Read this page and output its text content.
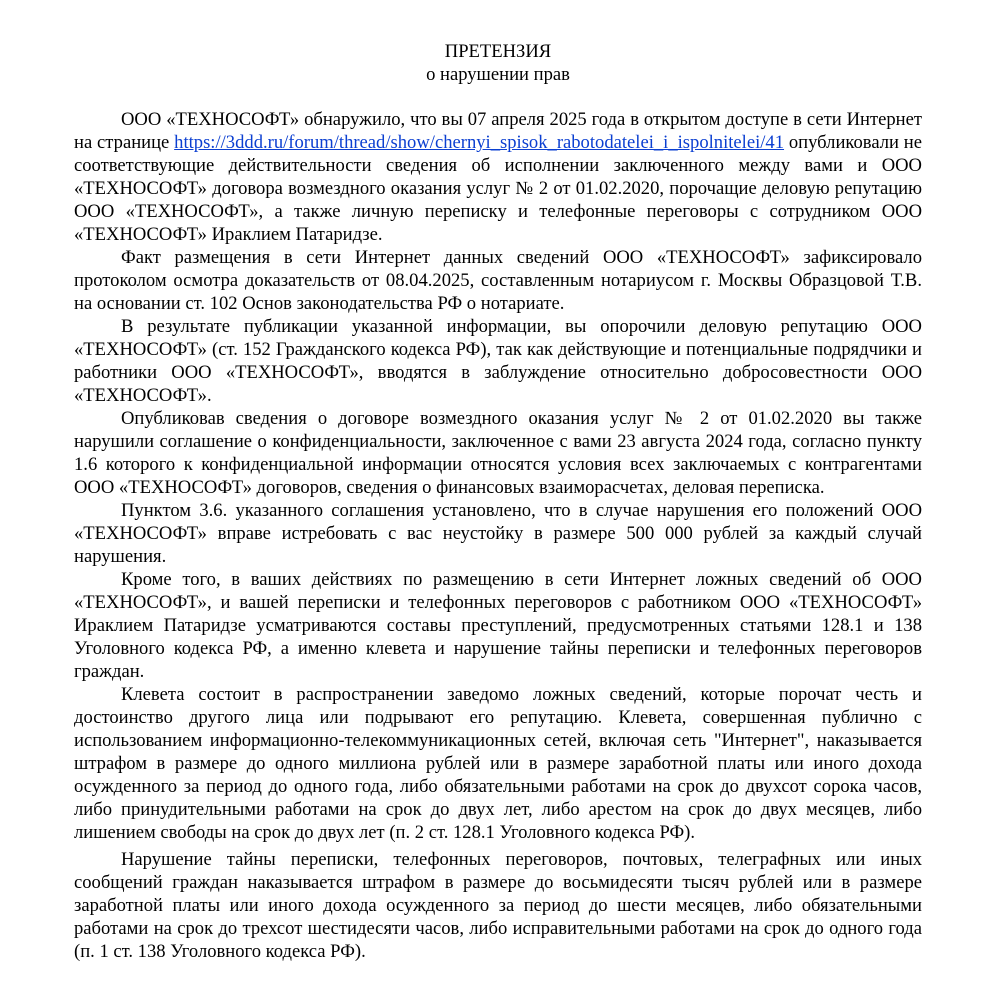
ПРЕТЕНЗИЯ
о нарушении прав

ООО «ТЕХНОСОФТ» обнаружило, что вы 07 апреля 2025 года в открытом доступе в сети Интернет на странице https://3ddd.ru/forum/thread/show/chernyi_spisok_rabotodatelei_i_ispolnitelei/41 опубликовали не соответствующие действительности сведения об исполнении заключенного между вами и ООО «ТЕХНОСОФТ» договора возмездного оказания услуг № 2 от 01.02.2020, порочащие деловую репутацию ООО «ТЕХНОСОФТ», а также личную переписку и телефонные переговоры с сотрудником ООО «ТЕХНОСОФТ» Ираклием Патаридзе.

Факт размещения в сети Интернет данных сведений ООО «ТЕХНОСОФТ» зафиксировало протоколом осмотра доказательств от 08.04.2025, составленным нотариусом г. Москвы Образцовой Т.В. на основании ст. 102 Основ законодательства РФ о нотариате.

В результате публикации указанной информации, вы опорочили деловую репутацию ООО «ТЕХНОСОФТ» (ст. 152 Гражданского кодекса РФ), так как действующие и потенциальные подрядчики и работники ООО «ТЕХНОСОФТ», вводятся в заблуждение относительно добросовестности ООО «ТЕХНОСОФТ».

Опубликовав сведения о договоре возмездного оказания услуг № 2 от 01.02.2020 вы также нарушили соглашение о конфиденциальности, заключенное с вами 23 августа 2024 года, согласно пункту 1.6 которого к конфиденциальной информации относятся условия всех заключаемых с контрагентами ООО «ТЕХНОСОФТ» договоров, сведения о финансовых взаиморасчетах, деловая переписка.

Пунктом 3.6. указанного соглашения установлено, что в случае нарушения его положений ООО «ТЕХНОСОФТ» вправе истребовать с вас неустойку в размере 500 000 рублей за каждый случай нарушения.

Кроме того, в ваших действиях по размещению в сети Интернет ложных сведений об ООО «ТЕХНОСОФТ», и вашей переписки и телефонных переговоров с работником ООО «ТЕХНОСОФТ» Ираклием Патаридзе усматриваются составы преступлений, предусмотренных статьями 128.1 и 138 Уголовного кодекса РФ, а именно клевета и нарушение тайны переписки и телефонных переговоров граждан.

Клевета состоит в распространении заведомо ложных сведений, которые порочат честь и достоинство другого лица или подрывают его репутацию. Клевета, совершенная публично с использованием информационно-телекоммуникационных сетей, включая сеть "Интернет", наказывается штрафом в размере до одного миллиона рублей или в размере заработной платы или иного дохода осужденного за период до одного года, либо обязательными работами на срок до двухсот сорока часов, либо принудительными работами на срок до двух лет, либо арестом на срок до двух месяцев, либо лишением свободы на срок до двух лет (п. 2 ст. 128.1 Уголовного кодекса РФ).

Нарушение тайны переписки, телефонных переговоров, почтовых, телеграфных или иных сообщений граждан наказывается штрафом в размере до восьмидесяти тысяч рублей или в размере заработной платы или иного дохода осужденного за период до шести месяцев, либо обязательными работами на срок до трехсот шестидесяти часов, либо исправительными работами на срок до одного года (п. 1 ст. 138 Уголовного кодекса РФ).
